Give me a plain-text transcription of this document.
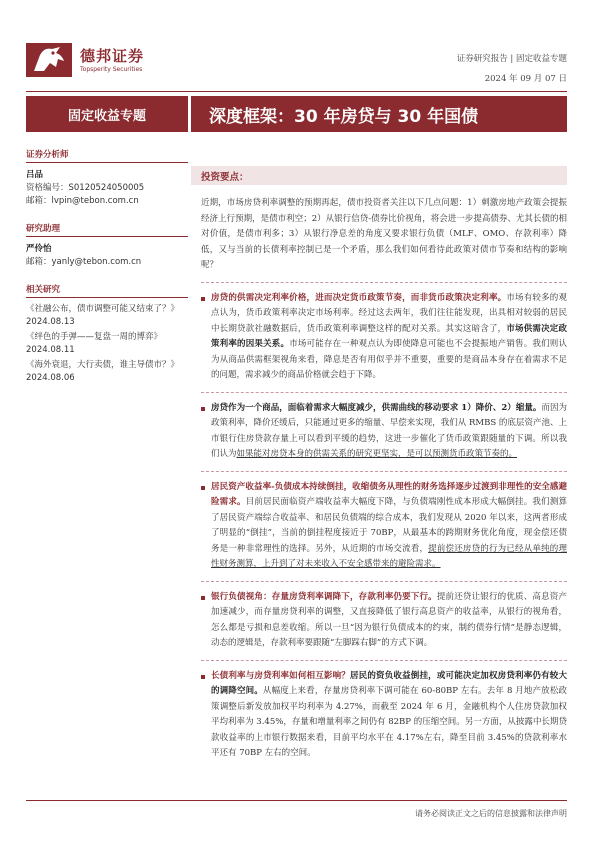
德邦证券
Topsperity Securities
证券研究报告 | 固定收益专题
2024 年 09 月 07 日
固定收益专题	深度框架：30 年房贷与 30 年国债
证券分析师
吕品
资格编号：S0120524050005
邮箱：lvpin@tebon.com.cn
研究助理
严伶怡
邮箱：yanly@tebon.com.cn
相关研究
《社融公布，债市调整可能又结束了？》2024.08.13
《绊色的手弹——复盘一周的博弈》2024.08.11
《海外衰退，大行卖债，谁主导债市？》2024.08.06
投资要点：

近期，市场房贷利率调整的预期再起，债市投资者关注以下几点问题：1）刺激房地产政策会提振经济上行预期，是债市利空；2）从银行信贷-债券比价视角，将会进一步提高债券、尤其长债的相对价值，是债市利多；3）从银行净息差的角度又要求银行负债（MLF、OMO、存款利率）降低，又与当前的长债利率控制已是一个矛盾，那么我们如何看待此政策对债市节奏和结构的影响呢？

房贷的供需决定利率价格，进而决定货币政策节奏，而非货币政策决定利率。市场有较多的观点认为，货币政策利率决定市场利率。经过这去两年，我们往往能发现，出具相对较弱的居民中长期贷款社融数据后，货币政策利率调整这样的配对关系。其实这暗含了，市场供需决定政策利率的因果关系。市场可能存在一种观点认为即使降息可能也不会提振地产销售。我们则认为从商品供需框架视角来看，降息是否有用似乎并不重要，重要的是商品本身存在着需求不足的问题，需求减少的商品价格就会趋于下降。

房贷作为一个商品，面临着需求大幅度减少，供需曲线的移动要求 1）降价、2）缩量。而因为政策利率，降价还缓后，只能通过更多的缩量、早偿来实现，我们从 RMBS 的底层资产池、上市银行住房贷款存量上可以看到平缓的趋势，这进一步催化了货币政策跟随量的下调。所以我们认为如果能对房贷本身的供需关系的研究更坚实，是可以预测货币政策节奏的。

居民资产收益率-负债成本持续倒挂，收缩债务从理性的财务选择逐步过渡到非理性的安全感避险需求。目前居民面临资产端收益率大幅度下降，与负债端刚性成本形成大幅倒挂。我们测算了居民资产端综合收益率、和居民负债端的综合成本，我们发现从 2020 年以来，这两者形成了明显的“倒挂”，当前的倒挂程度接近于 70BP，从最基本的跨期财务优化角度，现金偿还债务是一种非常理性的选择。另外，从近期的市场交流看，提前偿还房贷的行为已经从单纯的理性财务测算，上升到了对未来收入不安全感带来的避险需求。

银行负债视角：存量房贷利率调降下，存款利率仍要下行。提前还贷让银行的优质、高息资产加速减少，而存量房贷利率的调整，又直接降低了银行高息资产的收益率，从银行的视角看，怎么都是亏损和息差收缩。所以一旦“因为银行负债成本的约束，制约债券行情”是静态逻辑，动态的逻辑是，存款利率要跟随“左脚踩右脚”的方式下调。

长债利率与房贷利率如何相互影响？居民的资负收益倒挂，或可能决定加权房贷利率仍有较大的调降空间。从幅度上来看，存量房贷利率下调可能在 60-80BP 左右。去年 8 月地产放松政策调整后新发放加权平均利率为 4.27%，而截至 2024 年 6 月，金融机构个人住房贷款加权平均利率为 3.45%，存量和增量利率之间仍有 82BP 的压缩空间。另一方面，从披露中长期贷款收益率的上市银行数据来看，目前平均水平在 4.17%左右，降至目前 3.45%的贷款利率水平还有 70BP 左右的空间。

请务必阅读正文之后的信息披露和法律声明
